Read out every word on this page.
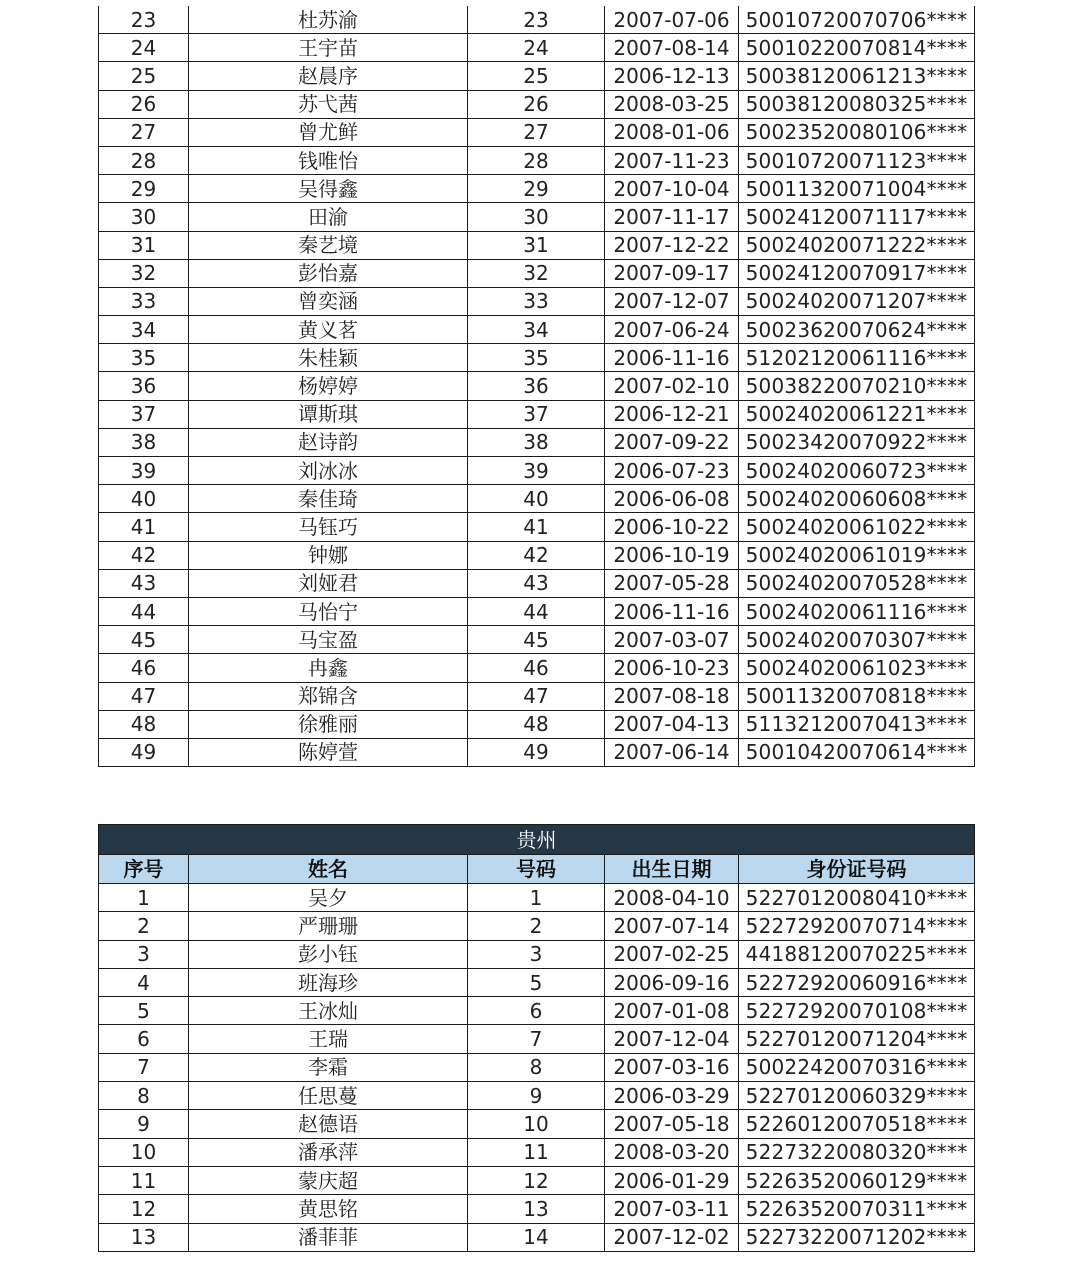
23	杜苏渝	23	2007-07-06	50010720070706****
24	王宇苗	24	2007-08-14	50010220070814****
25	赵晨序	25	2006-12-13	50038120061213****
26	苏弋茜	26	2008-03-25	50038120080325****
27	曾尤鲜	27	2008-01-06	50023520080106****
28	钱唯怡	28	2007-11-23	50010720071123****
29	吴得鑫	29	2007-10-04	50011320071004****
30	田渝	30	2007-11-17	50024120071117****
31	秦艺境	31	2007-12-22	50024020071222****
32	彭怡嘉	32	2007-09-17	50024120070917****
33	曾奕涵	33	2007-12-07	50024020071207****
34	黄义茗	34	2007-06-24	50023620070624****
35	朱桂颖	35	2006-11-16	51202120061116****
36	杨婷婷	36	2007-02-10	50038220070210****
37	谭斯琪	37	2006-12-21	50024020061221****
38	赵诗韵	38	2007-09-22	50023420070922****
39	刘冰冰	39	2006-07-23	50024020060723****
40	秦佳琦	40	2006-06-08	50024020060608****
41	马钰巧	41	2006-10-22	50024020061022****
42	钟娜	42	2006-10-19	50024020061019****
43	刘娅君	43	2007-05-28	50024020070528****
44	马怡宁	44	2006-11-16	50024020061116****
45	马宝盈	45	2007-03-07	50024020070307****
46	冉鑫	46	2006-10-23	50024020061023****
47	郑锦含	47	2007-08-18	50011320070818****
48	徐雅丽	48	2007-04-13	51132120070413****
49	陈婷萱	49	2007-06-14	50010420070614****
贵州				
序号	姓名	号码	出生日期	身份证号码
1	吴夕	1	2008-04-10	52270120080410****
2	严珊珊	2	2007-07-14	52272920070714****
3	彭小钰	3	2007-02-25	44188120070225****
4	班海珍	5	2006-09-16	52272920060916****
5	王冰灿	6	2007-01-08	52272920070108****
6	王瑞	7	2007-12-04	52270120071204****
7	李霜	8	2007-03-16	50022420070316****
8	任思蔓	9	2006-03-29	52270120060329****
9	赵德语	10	2007-05-18	52260120070518****
10	潘承萍	11	2008-03-20	52273220080320****
11	蒙庆超	12	2006-01-29	52263520060129****
12	黄思铭	13	2007-03-11	52263520070311****
13	潘菲菲	14	2007-12-02	52273220071202****
